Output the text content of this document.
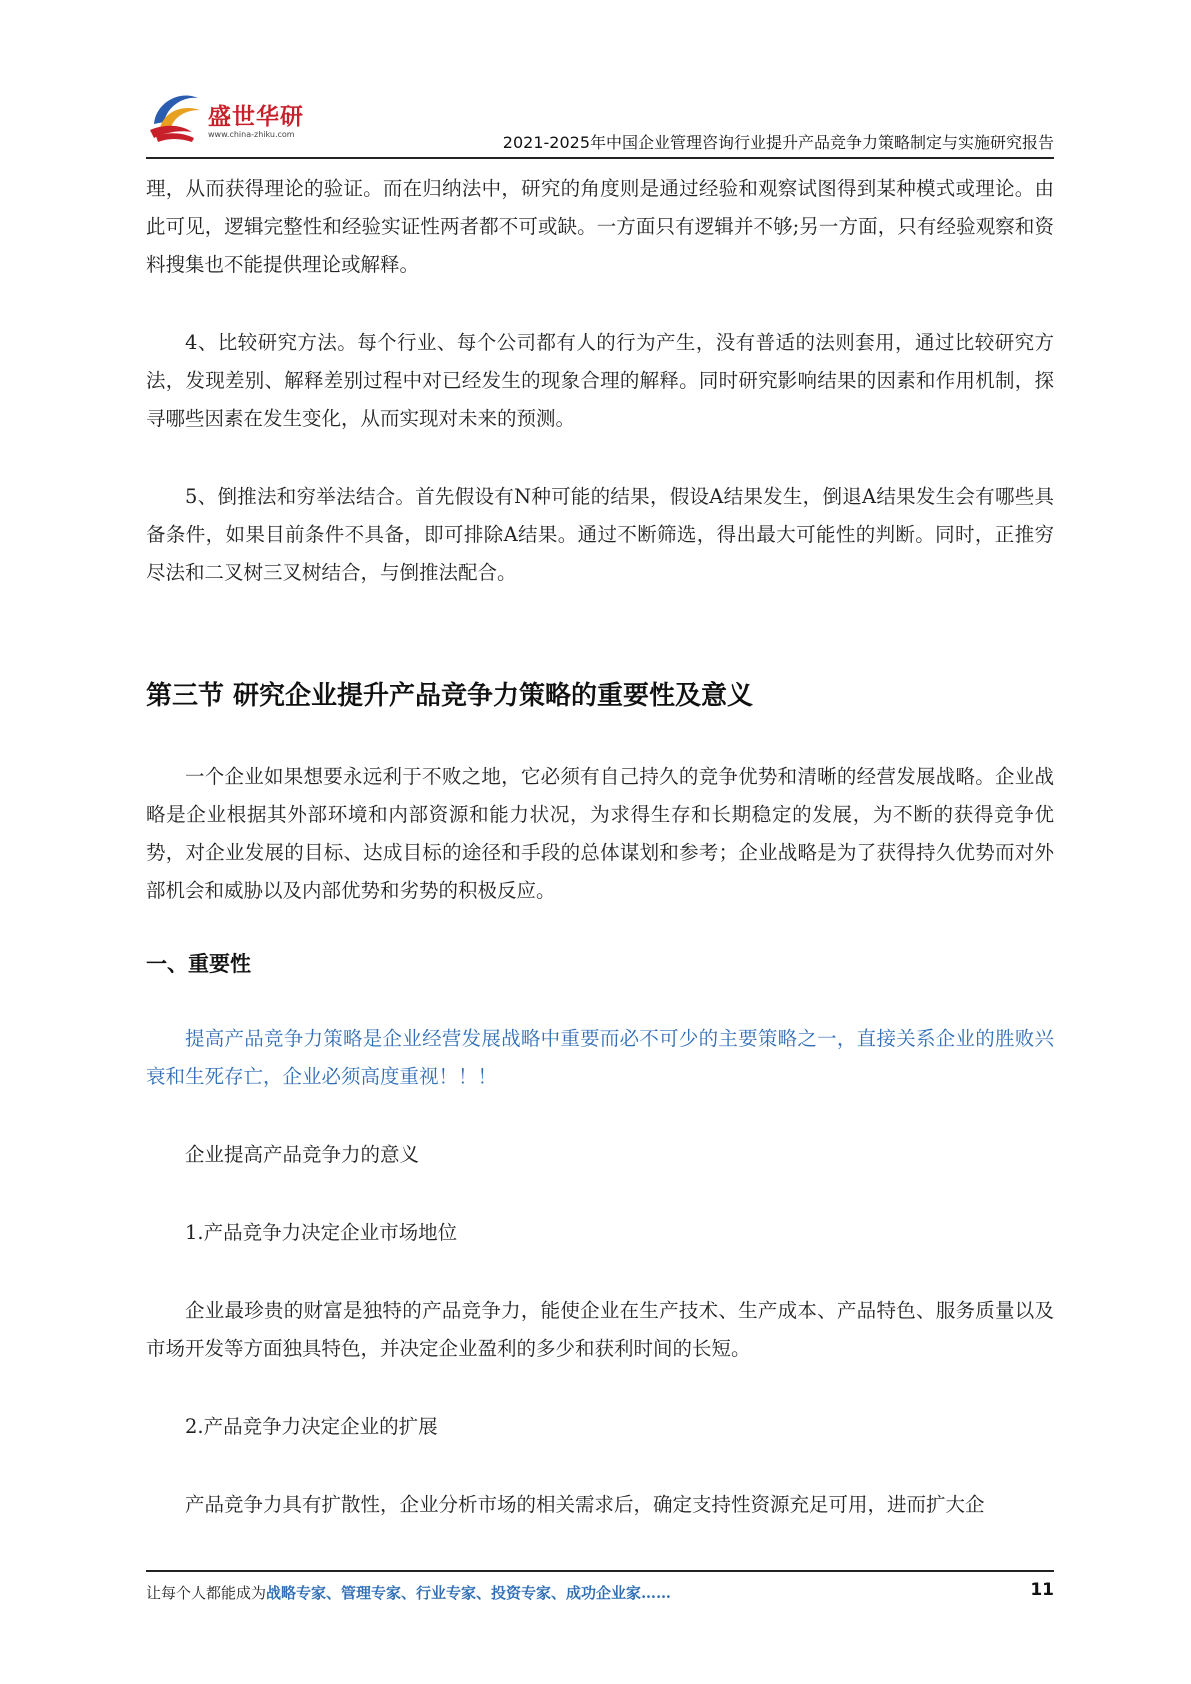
盛世华研
www.china-zhiku.com	2021-2025年中国企业管理咨询行业提升产品竞争力策略制定与实施研究报告

理，从而获得理论的验证。而在归纳法中，研究的角度则是通过经验和观察试图得到某种模式或理论。由此可见，逻辑完整性和经验实证性两者都不可或缺。一方面只有逻辑并不够;另一方面，只有经验观察和资料搜集也不能提供理论或解释。

4、比较研究方法。每个行业、每个公司都有人的行为产生，没有普适的法则套用，通过比较研究方法，发现差别、解释差别过程中对已经发生的现象合理的解释。同时研究影响结果的因素和作用机制，探寻哪些因素在发生变化，从而实现对未来的预测。

5、倒推法和穷举法结合。首先假设有N种可能的结果，假设A结果发生，倒退A结果发生会有哪些具备条件，如果目前条件不具备，即可排除A结果。通过不断筛选，得出最大可能性的判断。同时，正推穷尽法和二叉树三叉树结合，与倒推法配合。

第三节 研究企业提升产品竞争力策略的重要性及意义

一个企业如果想要永远利于不败之地，它必须有自己持久的竞争优势和清晰的经营发展战略。企业战略是企业根据其外部环境和内部资源和能力状况，为求得生存和长期稳定的发展，为不断的获得竞争优势，对企业发展的目标、达成目标的途径和手段的总体谋划和参考；企业战略是为了获得持久优势而对外部机会和威胁以及内部优势和劣势的积极反应。

一、重要性

提高产品竞争力策略是企业经营发展战略中重要而必不可少的主要策略之一，直接关系企业的胜败兴衰和生死存亡，企业必须高度重视！！！

企业提高产品竞争力的意义

1.产品竞争力决定企业市场地位

企业最珍贵的财富是独特的产品竞争力，能使企业在生产技术、生产成本、产品特色、服务质量以及市场开发等方面独具特色，并决定企业盈利的多少和获利时间的长短。

2.产品竞争力决定企业的扩展

产品竞争力具有扩散性，企业分析市场的相关需求后，确定支持性资源充足可用，进而扩大企

让每个人都能成为战略专家、管理专家、行业专家、投资专家、成功企业家……	11
